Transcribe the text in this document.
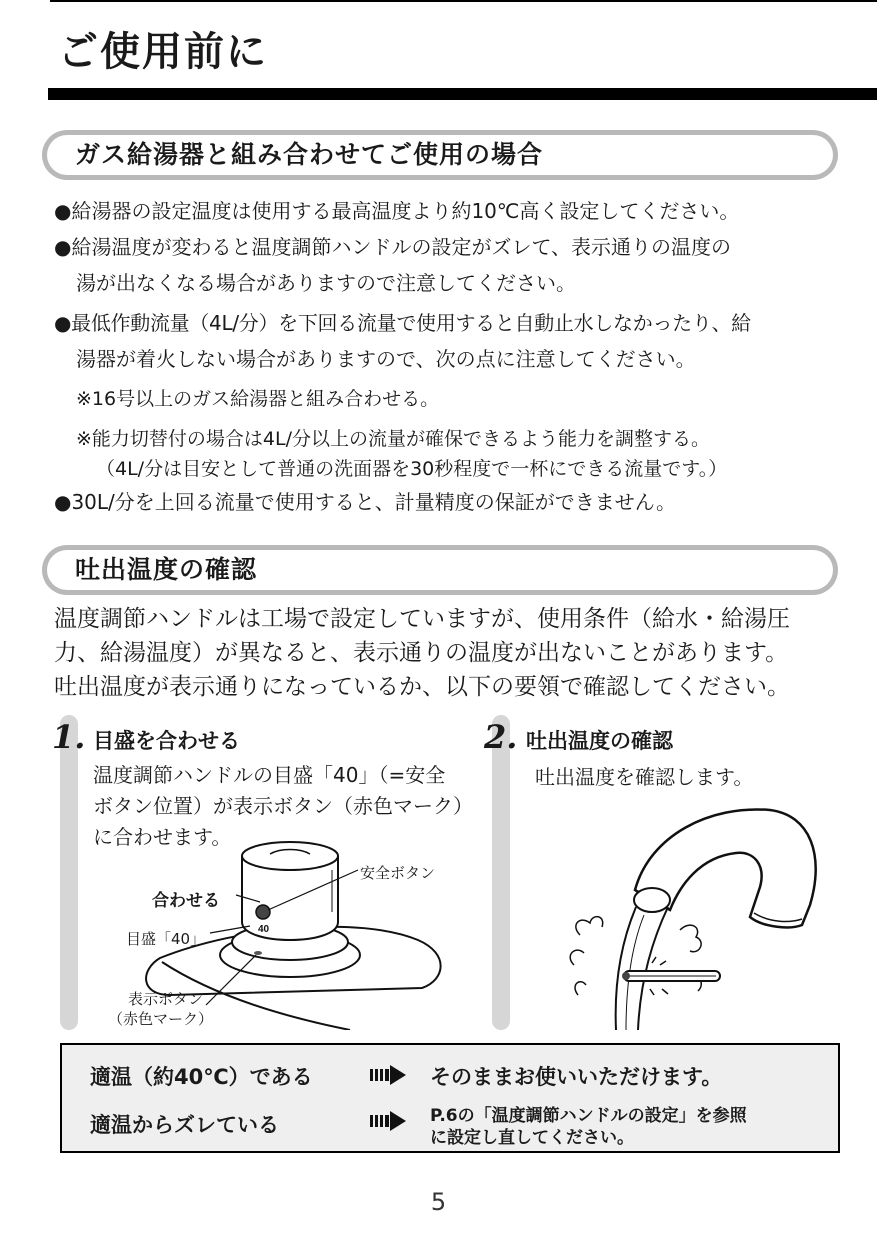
ご使用前に
ガス給湯器と組み合わせてご使用の場合
●給湯器の設定温度は使用する最高温度より約10℃高く設定してください。
●給湯温度が変わると温度調節ハンドルの設定がズレて、表示通りの温度の
湯が出なくなる場合がありますので注意してください。
●最低作動流量（4L/分）を下回る流量で使用すると自動止水しなかったり、給
湯器が着火しない場合がありますので、次の点に注意してください。
※16号以上のガス給湯器と組み合わせる。
※能力切替付の場合は4L/分以上の流量が確保できるよう能力を調整する。
（4L/分は目安として普通の洗面器を30秒程度で一杯にできる流量です。）
●30L/分を上回る流量で使用すると、計量精度の保証ができません。
吐出温度の確認
温度調節ハンドルは工場で設定していますが、使用条件（給水・給湯圧
力、給湯温度）が異なると、表示通りの温度が出ないことがあります。
吐出温度が表示通りになっているか、以下の要領で確認してください。
1. 目盛を合わせる
温度調節ハンドルの目盛「40」（=安全
ボタン位置）が表示ボタン（赤色マーク）
に合わせます。
40
安全ボタン
合わせる
目盛「40」
表示ボタン
（赤色マーク）
2. 吐出温度の確認
吐出温度を確認します。
適温（約40℃）である
適温からズレている
そのままお使いいただけます。
P.6の「温度調節ハンドルの設定」を参照
に設定し直してください。
5
